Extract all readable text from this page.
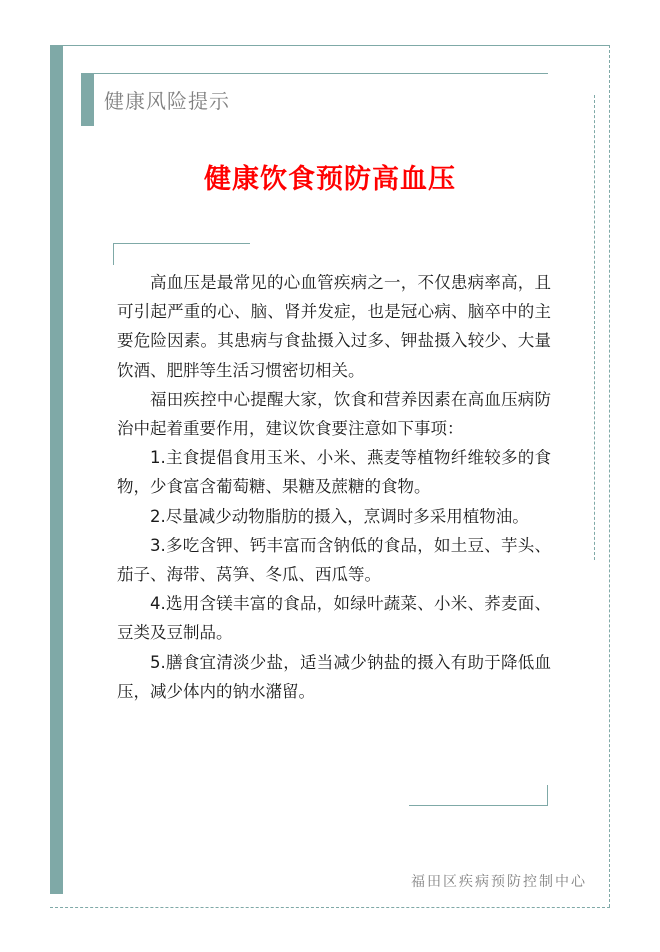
健康风险提示
健康饮食预防高血压

高血压是最常见的心血管疾病之一，不仅患病率高，且可引起严重的心、脑、肾并发症，也是冠心病、脑卒中的主要危险因素。其患病与食盐摄入过多、钾盐摄入较少、大量饮酒、肥胖等生活习惯密切相关。

福田疾控中心提醒大家，饮食和营养因素在高血压病防治中起着重要作用，建议饮食要注意如下事项：

1.主食提倡食用玉米、小米、燕麦等植物纤维较多的食物，少食富含葡萄糖、果糖及蔗糖的食物。

2.尽量减少动物脂肪的摄入，烹调时多采用植物油。

3.多吃含钾、钙丰富而含钠低的食品，如土豆、芋头、茄子、海带、莴笋、冬瓜、西瓜等。

4.选用含镁丰富的食品，如绿叶蔬菜、小米、荞麦面、豆类及豆制品。

5.膳食宜清淡少盐，适当减少钠盐的摄入有助于降低血压，减少体内的钠水潴留。

福田区疾病预防控制中心
